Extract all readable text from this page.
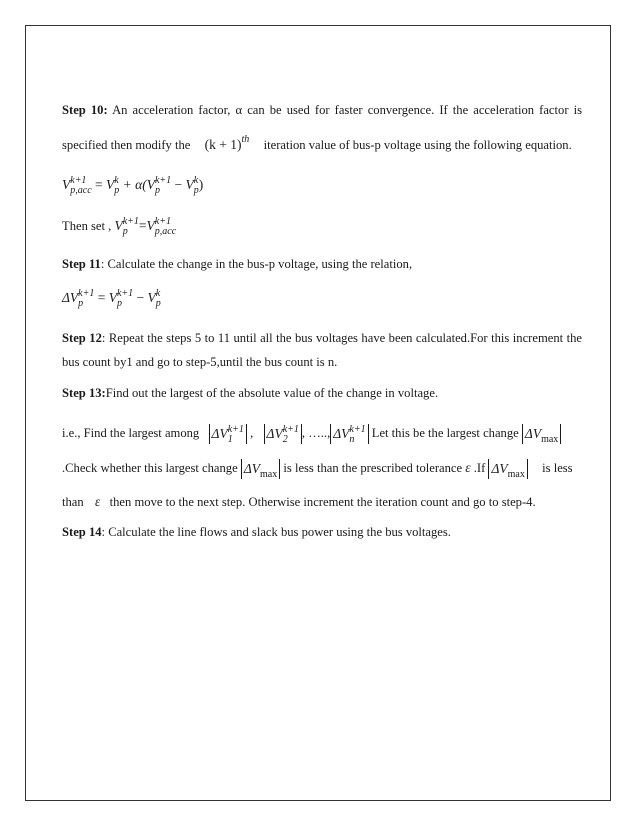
Step 10: An acceleration factor, α can be used for faster convergence. If the acceleration factor is
specified then modify the $(k + 1)^{th}$ iteration value of bus-p voltage using the following equation.
V k+1
p,acc = V k
p + α(V k+1
p − V k
p )
Then set , V k+1
p =V k+1
p,acc
Step 11: Calculate the change in the bus-p voltage, using the relation,
ΔV k+1
p = V k+1
p − V k
p
Step 12: Repeat the steps 5 to 11 until all the bus voltages have been calculated.For this increment the
bus count by1 and go to step-5,until the bus count is n.
Step 13:Find out the largest of the absolute value of the change in voltage.
i.e., Find the largest among ΔV k+1
1	, ΔV k+1
2	, ….., ΔV k+1
n	Let this be the largest change $\Delta V_{max}$
.Check whether this largest change $\Delta V_{max}$ is less than the prescribed tolerance ε .If $\Delta V_{max}$ is less
than ε then move to the next step. Otherwise increment the iteration count and go to step-4.
Step 14: Calculate the line flows and slack bus power using the bus voltages.
